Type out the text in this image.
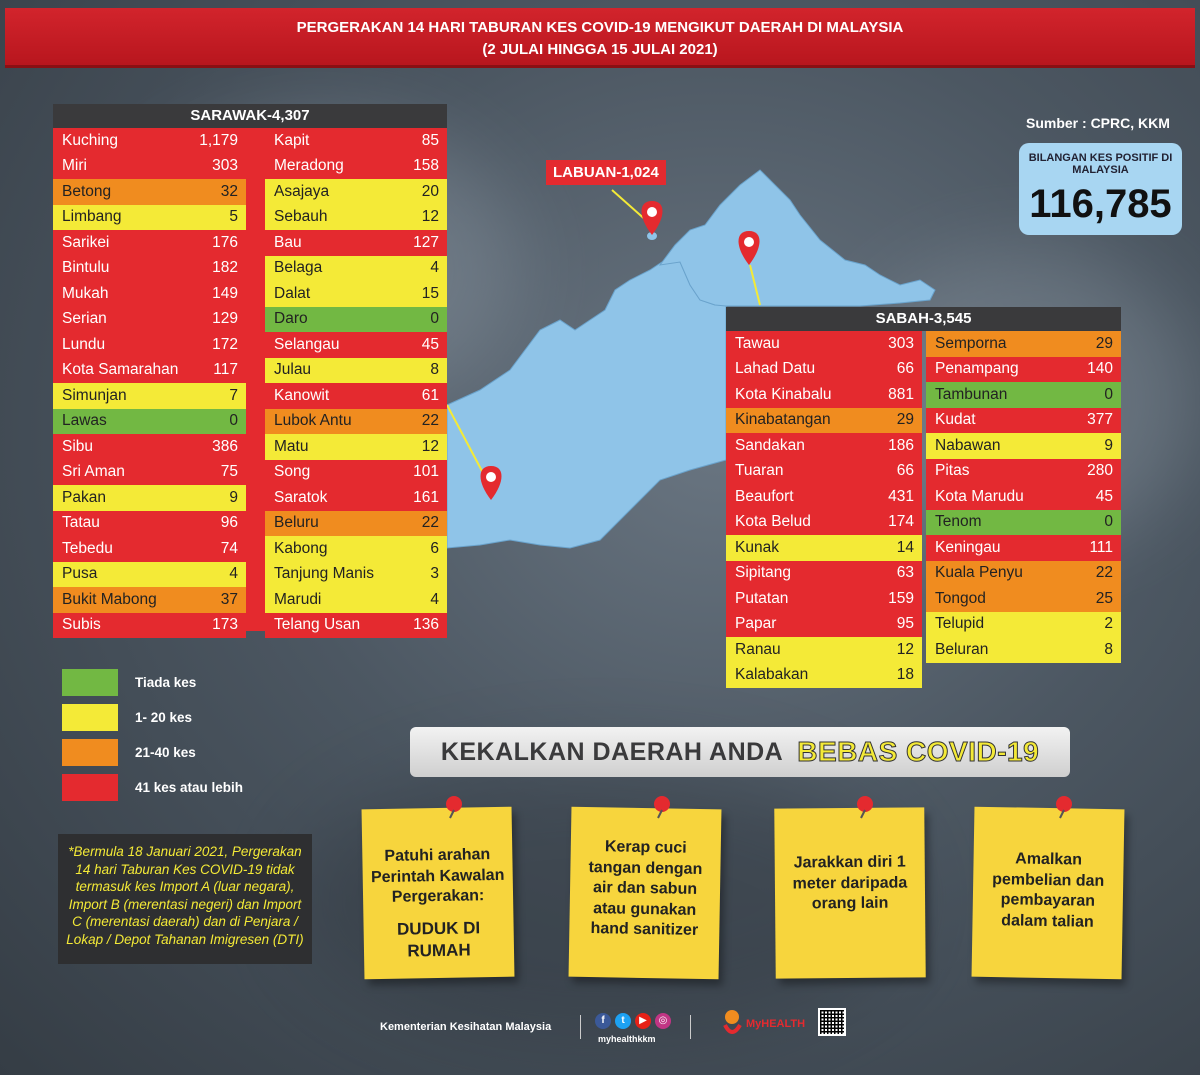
PERGERAKAN 14 HARI TABURAN KES COVID-19 MENGIKUT DAERAH DI MALAYSIA
(2 JULAI HINGGA 15 JULAI 2021)
LABUAN-1,024
Sumber : CPRC, KKM
BILANGAN KES POSITIF DI MALAYSIA
116,785
SARAWAK-4,307
Kuching	1,179
Miri	303
Betong	32
Limbang	5
Sarikei	176
Bintulu	182
Mukah	149
Serian	129
Lundu	172
Kota Samarahan 117
Simunjan	7
Lawas	0
Sibu	386
Sri Aman	75
Pakan	9
Tatau	96
Tebedu	74
Pusa	4
Bukit Mabong	37
Subis	173
Kapit	85
Meradong	158
Asajaya	20
Sebauh	12
Bau	127
Belaga	4
Dalat	15
Daro	0
Selangau	45
Julau	8
Kanowit	61
Lubok Antu	22
Matu	12
Song	101
Saratok	161
Beluru	22
Kabong	6
Tanjung Manis	3
Marudi	4
Telang Usan	136
SABAH-3,545
Tawau	303
Lahad Datu	66
Kota Kinabalu	881
Kinabatangan	29
Sandakan	186
Tuaran	66
Beaufort	431
Kota Belud	174
Kunak	14
Sipitang	63
Putatan	159
Papar	95
Ranau	12
Kalabakan	18
Semporna	29
Penampang	140
Tambunan	0
Kudat	377
Nabawan	9
Pitas	280
Kota Marudu	45
Tenom	0
Keningau	111
Kuala Penyu	22
Tongod	25
Telupid	2
Beluran	8
Tiada kes
1- 20 kes
21-40 kes
41 kes atau lebih
*Bermula 18 Januari 2021, Pergerakan 14 hari Taburan Kes COVID-19 tidak termasuk kes Import A (luar negara), Import B (merentasi negeri) dan Import C (merentasi daerah) dan di Penjara / Lokap / Depot Tahanan Imigresen (DTI)
KEKALKAN DAERAH ANDA BEBAS COVID-19
Patuhi arahan Perintah Kawalan Pergerakan:
DUDUK DI RUMAH
Kerap cuci tangan dengan air dan sabun atau gunakan hand sanitizer
Jarakkan diri 1 meter daripada orang lain
Amalkan pembelian dan pembayaran dalam talian
Kementerian Kesihatan Malaysia
f	t	▶	◎
myhealthkkm
MyHEALTH
